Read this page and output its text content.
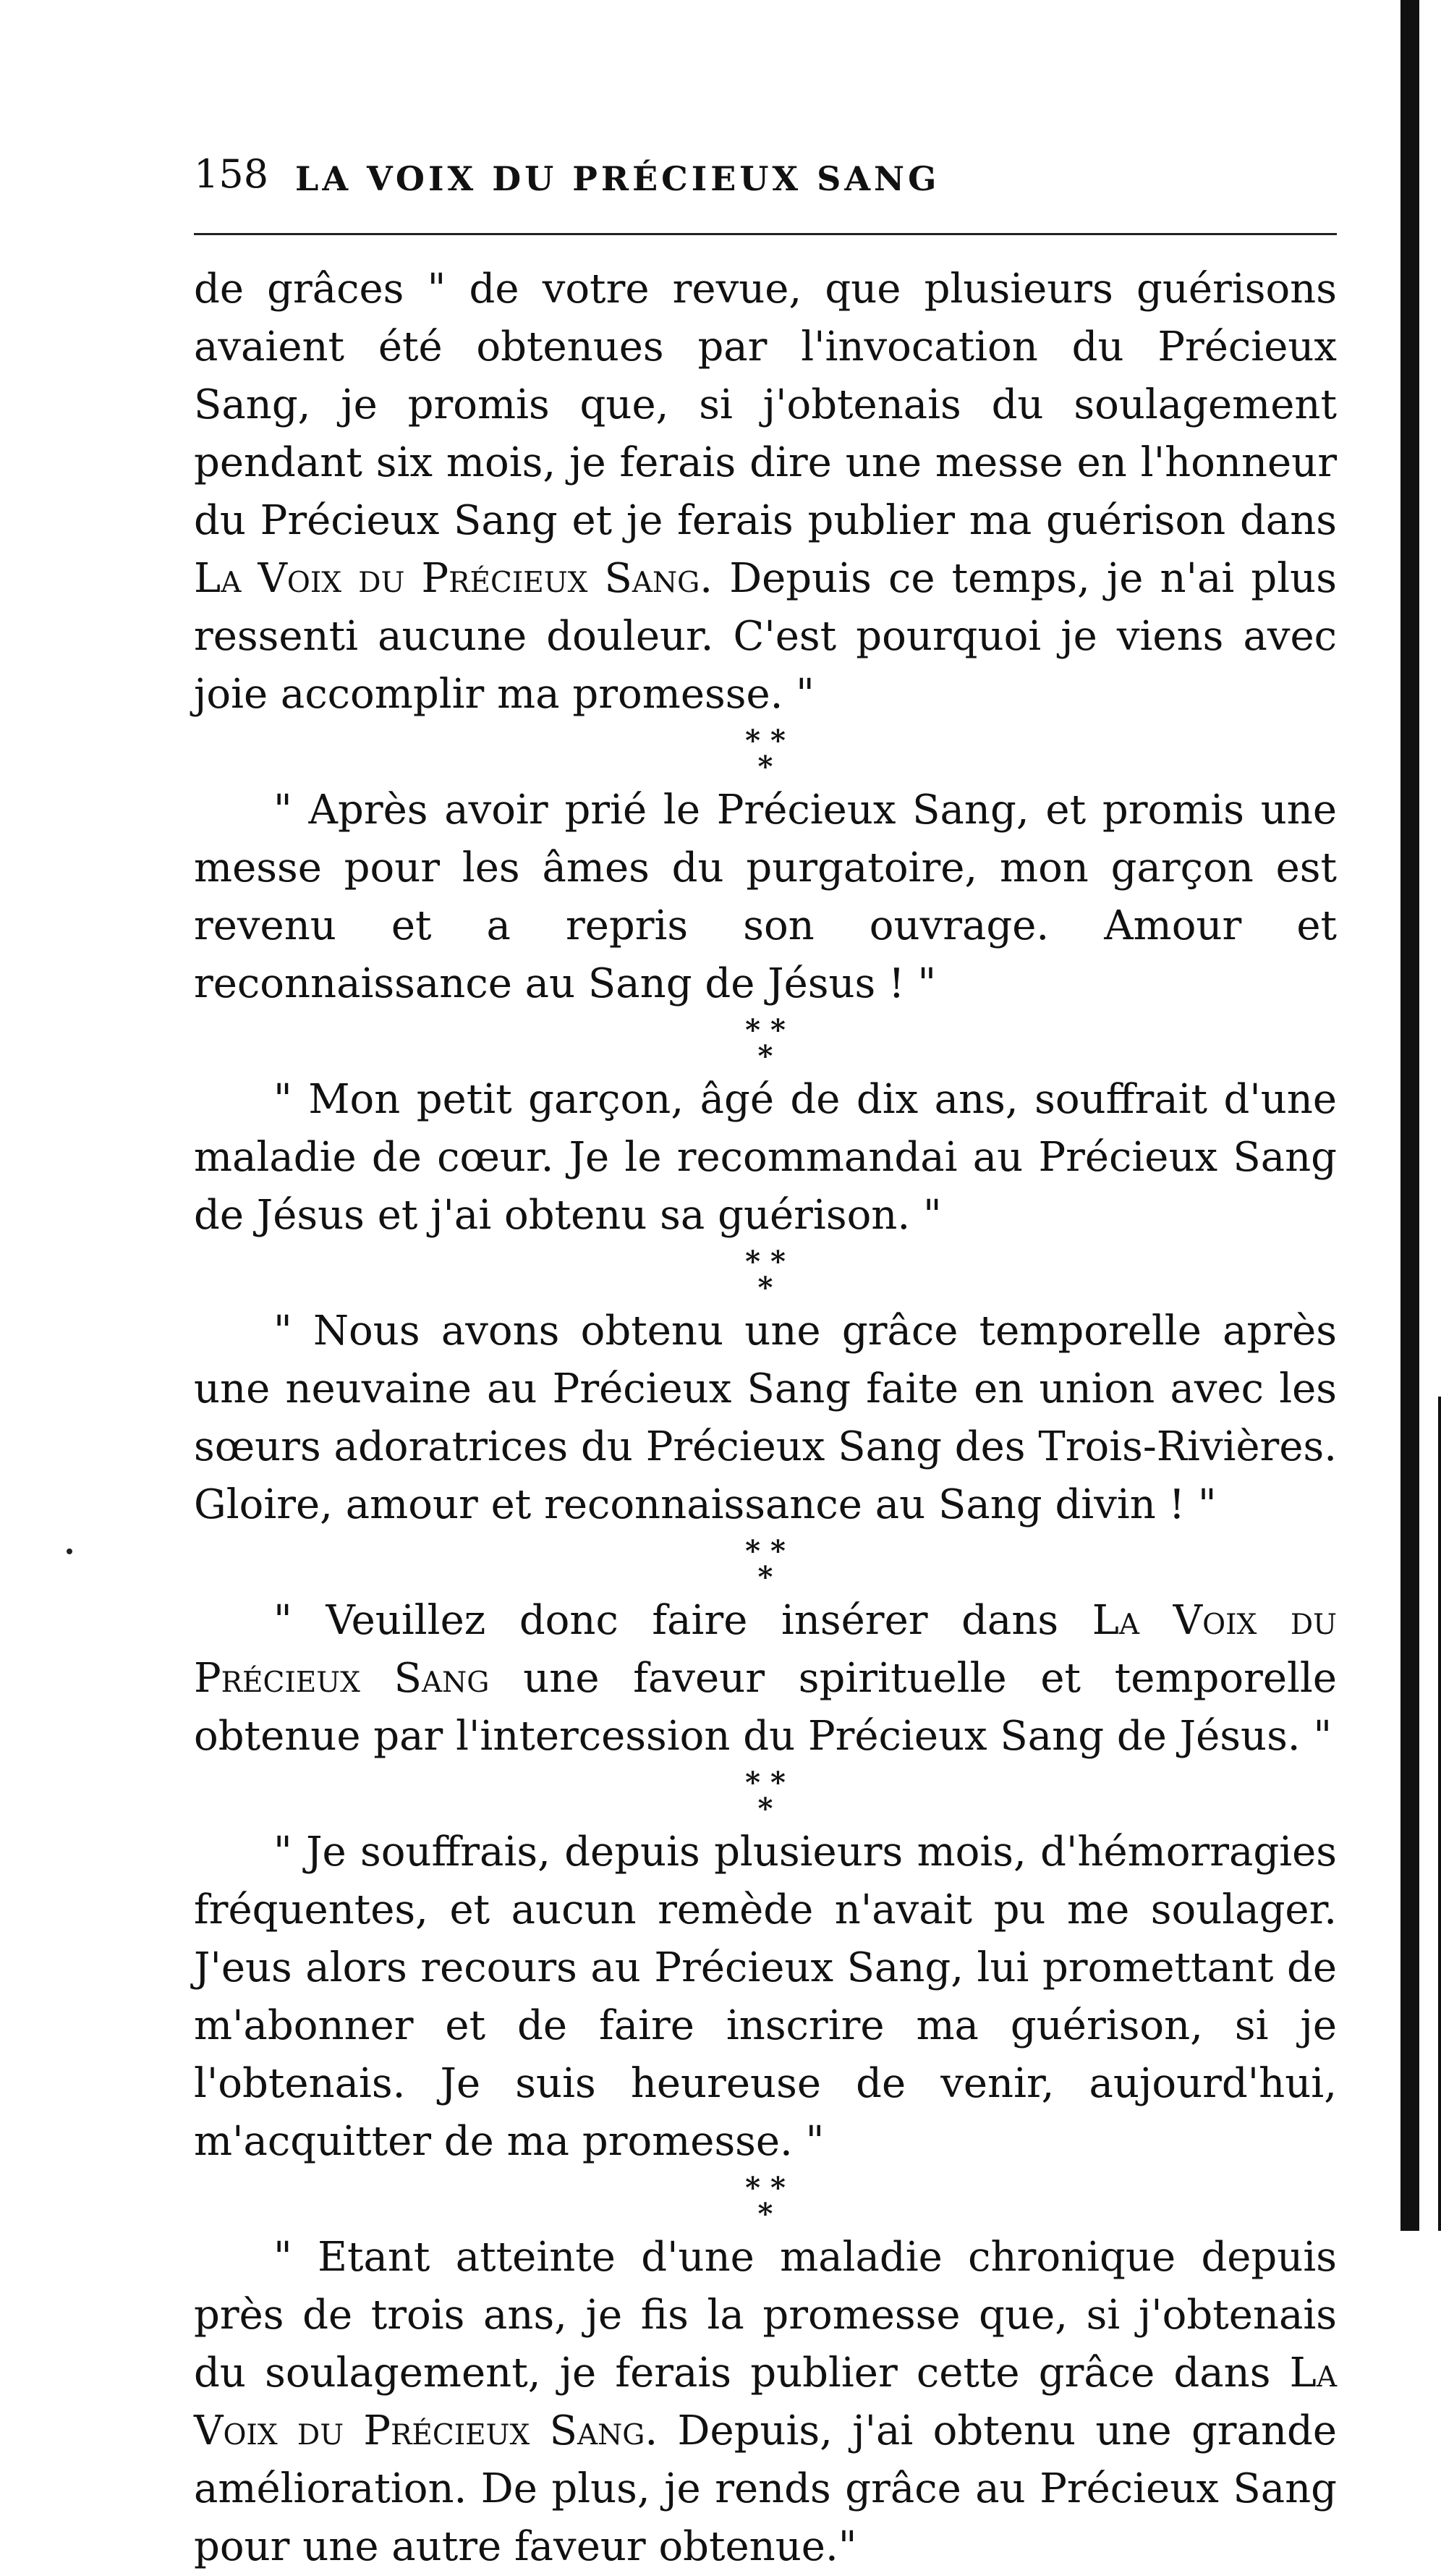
158 LA VOIX DU PRÉCIEUX SANG

de grâces " de votre revue, que plusieurs guérisons avaient été obtenues par l'invocation du Précieux Sang, je promis que, si j'obtenais du soulagement pendant six mois, je ferais dire une messe en l'honneur du Précieux Sang et je ferais publier ma guérison dans La Voix du Précieux Sang. Depuis ce temps, je n'ai plus ressenti aucune douleur. C'est pourquoi je viens avec joie accomplir ma promesse. "

* *
*

" Après avoir prié le Précieux Sang, et promis une messe pour les âmes du purgatoire, mon garçon est revenu et a repris son ouvrage. Amour et reconnaissance au Sang de Jésus ! "

* *
*

" Mon petit garçon, âgé de dix ans, souffrait d'une maladie de cœur. Je le recommandai au Précieux Sang de Jésus et j'ai obtenu sa guérison. "

* *
*

" Nous avons obtenu une grâce temporelle après une neuvaine au Précieux Sang faite en union avec les sœurs adoratrices du Précieux Sang des Trois-Rivières. Gloire, amour et reconnaissance au Sang divin ! "

* *
*

" Veuillez donc faire insérer dans La Voix du Précieux Sang une faveur spirituelle et temporelle obtenue par l'intercession du Précieux Sang de Jésus. "

* *
*

" Je souffrais, depuis plusieurs mois, d'hémorragies fréquentes, et aucun remède n'avait pu me soulager. J'eus alors recours au Précieux Sang, lui promettant de m'abonner et de faire inscrire ma guérison, si je l'obtenais. Je suis heureuse de venir, aujourd'hui, m'acquitter de ma promesse. "

* *
*

" Etant atteinte d'une maladie chronique depuis près de trois ans, je fis la promesse que, si j'obtenais du soulagement, je ferais publier cette grâce dans La Voix du Précieux Sang. Depuis, j'ai obtenu une grande amélioration. De plus, je rends grâce au Précieux Sang pour une autre faveur obtenue."
